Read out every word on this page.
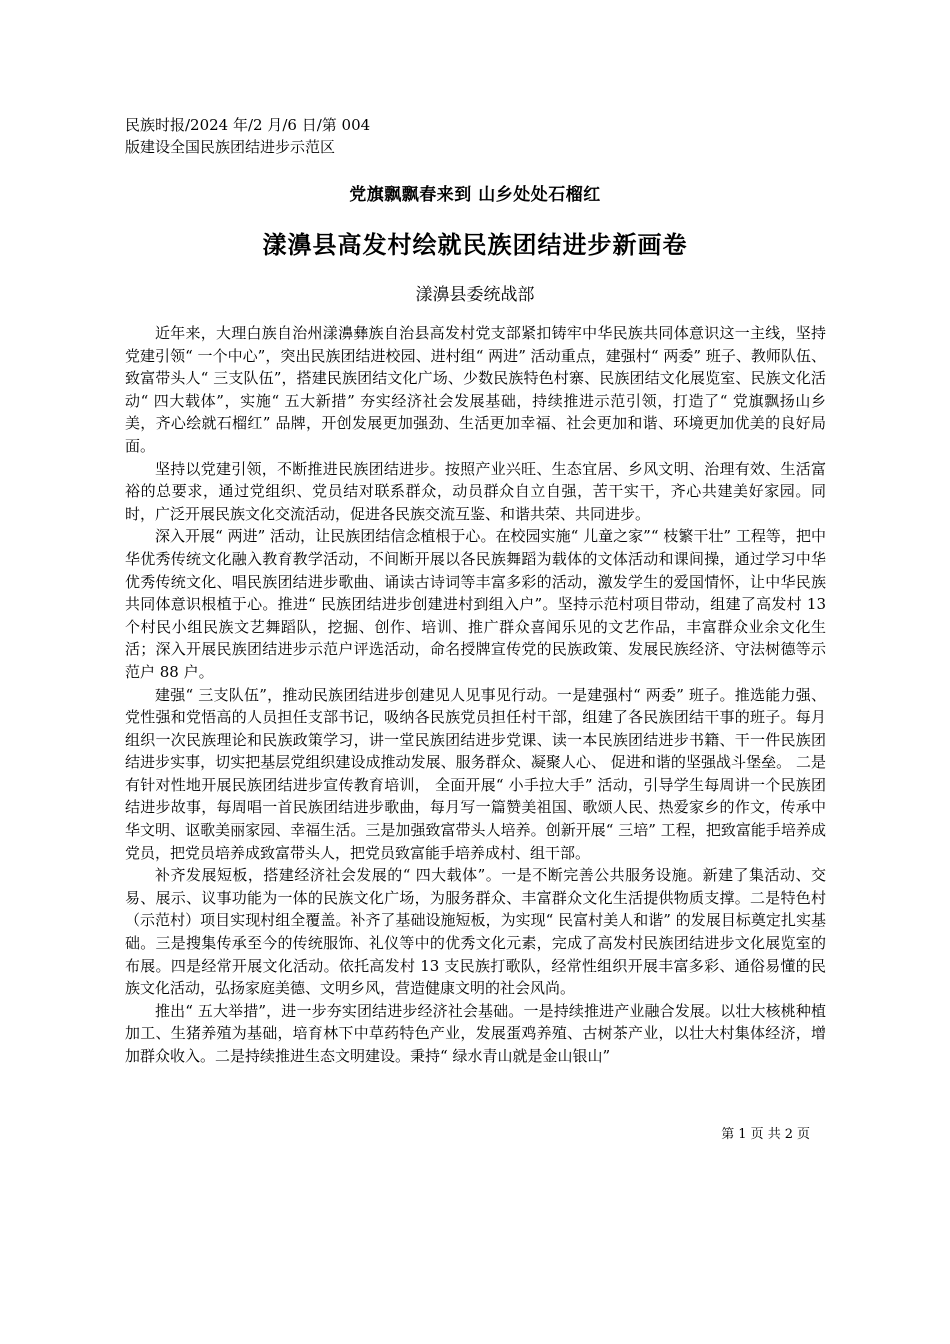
民族时报/2024 年/2 月/6 日/第 004
版建设全国民族团结进步示范区
党旗飘飘春来到 山乡处处石榴红
漾濞县高发村绘就民族团结进步新画卷
漾濞县委统战部

近年来，大理白族自治州漾濞彝族自治县高发村党支部紧扣铸牢中华民族共同体意识这一主线，坚持党建引领“ 一个中心”，突出民族团结进校园、进村组“ 两进” 活动重点，建强村“ 两委” 班子、教师队伍、致富带头人“ 三支队伍”，搭建民族团结文化广场、少数民族特色村寨、民族团结文化展览室、民族文化活动“ 四大载体”，实施“ 五大新措” 夯实经济社会发展基础，持续推进示范引领，打造了“ 党旗飘扬山乡美，齐心绘就石榴红” 品牌，开创发展更加强劲、生活更加幸福、社会更加和谐、环境更加优美的良好局面。

坚持以党建引领，不断推进民族团结进步。按照产业兴旺、生态宜居、乡风文明、治理有效、生活富裕的总要求，通过党组织、党员结对联系群众，动员群众自立自强，苦干实干，齐心共建美好家园。同时，广泛开展民族文化交流活动，促进各民族交流互鉴、和谐共荣、共同进步。

深入开展“ 两进” 活动，让民族团结信念植根于心。在校园实施“ 儿童之家”“ 枝繁干壮” 工程等，把中华优秀传统文化融入教育教学活动，不间断开展以各民族舞蹈为载体的文体活动和课间操，通过学习中华优秀传统文化、唱民族团结进步歌曲、诵读古诗词等丰富多彩的活动，激发学生的爱国情怀，让中华民族共同体意识根植于心。推进“ 民族团结进步创建进村到组入户”。坚持示范村项目带动，组建了高发村 13 个村民小组民族文艺舞蹈队，挖掘、创作、培训、推广群众喜闻乐见的文艺作品，丰富群众业余文化生活；深入开展民族团结进步示范户评选活动，命名授牌宣传党的民族政策、发展民族经济、守法树德等示范户 88 户。

建强“ 三支队伍”，推动民族团结进步创建见人见事见行动。一是建强村“ 两委” 班子。推选能力强、党性强和党悟高的人员担任支部书记，吸纳各民族党员担任村干部，组建了各民族团结干事的班子。每月组织一次民族理论和民族政策学习，讲一堂民族团结进步党课、读一本民族团结进步书籍、干一件民族团结进步实事，切实把基层党组织建设成推动发展、服务群众、凝聚人心、 促进和谐的坚强战斗堡垒。 二是有针对性地开展民族团结进步宣传教育培训， 全面开展“ 小手拉大手” 活动，引导学生每周讲一个民族团结进步故事，每周唱一首民族团结进步歌曲，每月写一篇赞美祖国、歌颂人民、热爱家乡的作文，传承中华文明、讴歌美丽家园、幸福生活。三是加强致富带头人培养。创新开展“ 三培” 工程，把致富能手培养成党员，把党员培养成致富带头人，把党员致富能手培养成村、组干部。

补齐发展短板，搭建经济社会发展的“ 四大载体”。一是不断完善公共服务设施。新建了集活动、交易、展示、议事功能为一体的民族文化广场，为服务群众、丰富群众文化生活提供物质支撑。二是特色村（示范村）项目实现村组全覆盖。补齐了基础设施短板，为实现“ 民富村美人和谐” 的发展目标奠定扎实基础。三是搜集传承至今的传统服饰、礼仪等中的优秀文化元素，完成了高发村民族团结进步文化展览室的布展。四是经常开展文化活动。依托高发村 13 支民族打歌队，经常性组织开展丰富多彩、通俗易懂的民族文化活动，弘扬家庭美德、文明乡风，营造健康文明的社会风尚。

推出“ 五大举措”，进一步夯实团结进步经济社会基础。一是持续推进产业融合发展。以壮大核桃种植加工、生猪养殖为基础，培育林下中草药特色产业，发展蛋鸡养殖、古树茶产业，以壮大村集体经济，增加群众收入。二是持续推进生态文明建设。秉持“ 绿水青山就是金山银山”

第 1 页 共 2 页
